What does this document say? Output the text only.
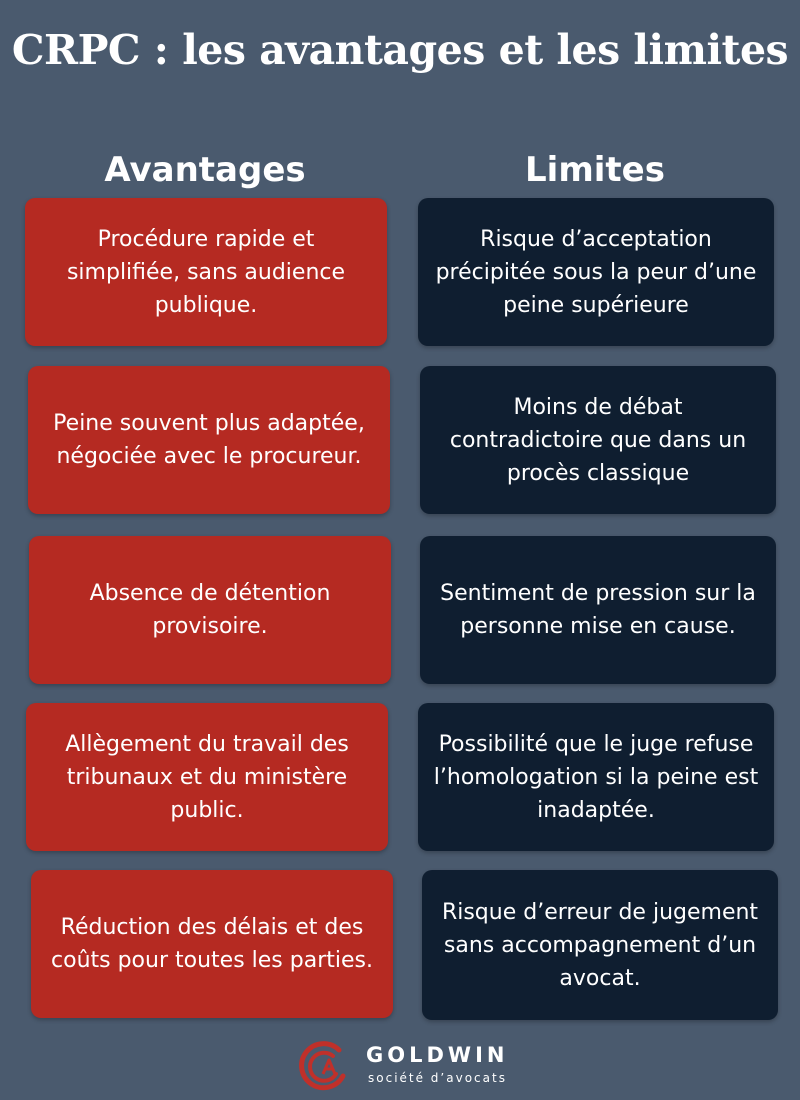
CRPC : les avantages et les limites
Avantages	Limites
Procédure rapide et simplifiée, sans audience publique.
Peine souvent plus adaptée, négociée avec le procureur.
Absence de détention provisoire.
Allègement du travail des tribunaux et du ministère public.
Réduction des délais et des coûts pour toutes les parties.
Risque d’acceptation précipitée sous la peur d’une peine supérieure
Moins de débat contradictoire que dans un procès classique
Sentiment de pression sur la personne mise en cause.
Possibilité que le juge refuse l’homologation si la peine est inadaptée.
Risque d’erreur de jugement sans accompagnement d’un avocat.
GOLDWIN
société d’avocats
